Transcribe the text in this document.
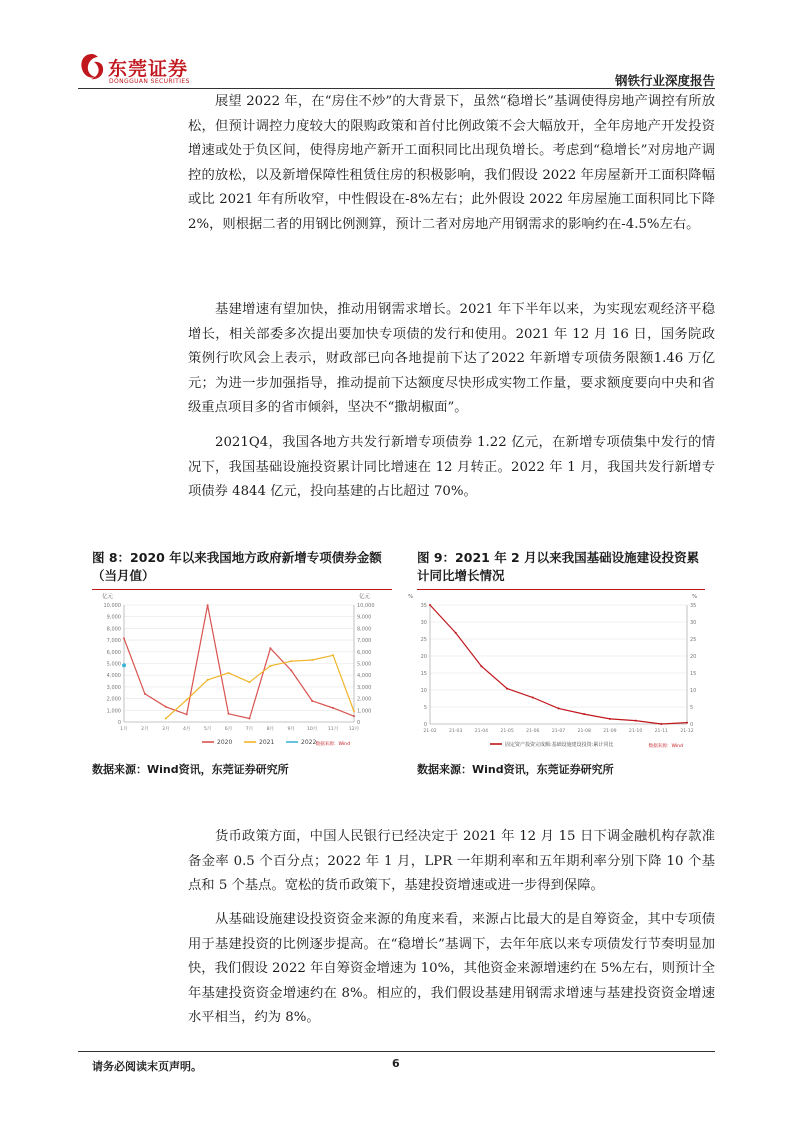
东莞证券
DONGGUAN SECURITIES	钢铁行业深度报告

展望 2022 年，在“房住不炒”的大背景下，虽然“稳增长”基调使得房地产调控有所放松，但预计调控力度较大的限购政策和首付比例政策不会大幅放开，全年房地产开发投资增速或处于负区间，使得房地产新开工面积同比出现负增长。考虑到“稳增长”对房地产调控的放松，以及新增保障性租赁住房的积极影响，我们假设 2022 年房屋新开工面积降幅或比 2021 年有所收窄，中性假设在-8%左右；此外假设 2022 年房屋施工面积同比下降 2%，则根据二者的用钢比例测算，预计二者对房地产用钢需求的影响约在-4.5%左右。

基建增速有望加快，推动用钢需求增长。2021 年下半年以来，为实现宏观经济平稳增长，相关部委多次提出要加快专项债的发行和使用。2021 年 12 月 16 日，国务院政策例行吹风会上表示，财政部已向各地提前下达了2022 年新增专项债务限额1.46 万亿元；为进一步加强指导，推动提前下达额度尽快形成实物工作量，要求额度要向中央和省级重点项目多的省市倾斜，坚决不“撒胡椒面”。

2021Q4，我国各地方共发行新增专项债券 1.22 亿元，在新增专项债集中发行的情况下，我国基础设施投资累计同比增速在 12 月转正。2022 年 1 月，我国共发行新增专项债券 4844 亿元，投向基建的占比超过 70%。

图 8：2020 年以来我国地方政府新增专项债券金额（当月值）

亿元	亿元
0	0
1,000	1,000
2,000	2,000
3,000	3,000
4,000	4,000
5,000	5,000
6,000	6,000
7,000	7,000
8,000	8,000
9,000	9,000
10,000	10,000
1月	2月	3月	4月	5月	6月	7月	8月	9月	10月 11月 12月
2020	2021	2022 数据来源：Wind
数据来源：Wind资讯，东莞证券研究所

图 9：2021 年 2 月以来我国基础设施建设投资累计同比增长情况

%	%
0	0
5	5
10	10
15	15
20	20
25	25
30	30
35	35
21-02	21-03	21-04	21-05	21-06	21-07	21-08	21-09	21-10	21-11	21-12
固定资产投资完成额:基础设施建设投资:累计同比	数据来源：Wind
数据来源：Wind资讯，东莞证券研究所

货币政策方面，中国人民银行已经决定于 2021 年 12 月 15 日下调金融机构存款准备金率 0.5 个百分点；2022 年 1 月，LPR 一年期利率和五年期利率分别下降 10 个基点和 5 个基点。宽松的货币政策下，基建投资增速或进一步得到保障。

从基础设施建设投资资金来源的角度来看，来源占比最大的是自筹资金，其中专项债用于基建投资的比例逐步提高。在“稳增长”基调下，去年年底以来专项债发行节奏明显加快，我们假设 2022 年自筹资金增速为 10%，其他资金来源增速约在 5%左右，则预计全年基建投资资金增速约在 8%。相应的，我们假设基建用钢需求增速与基建投资资金增速水平相当，约为 8%。

请务必阅读末页声明。	6
